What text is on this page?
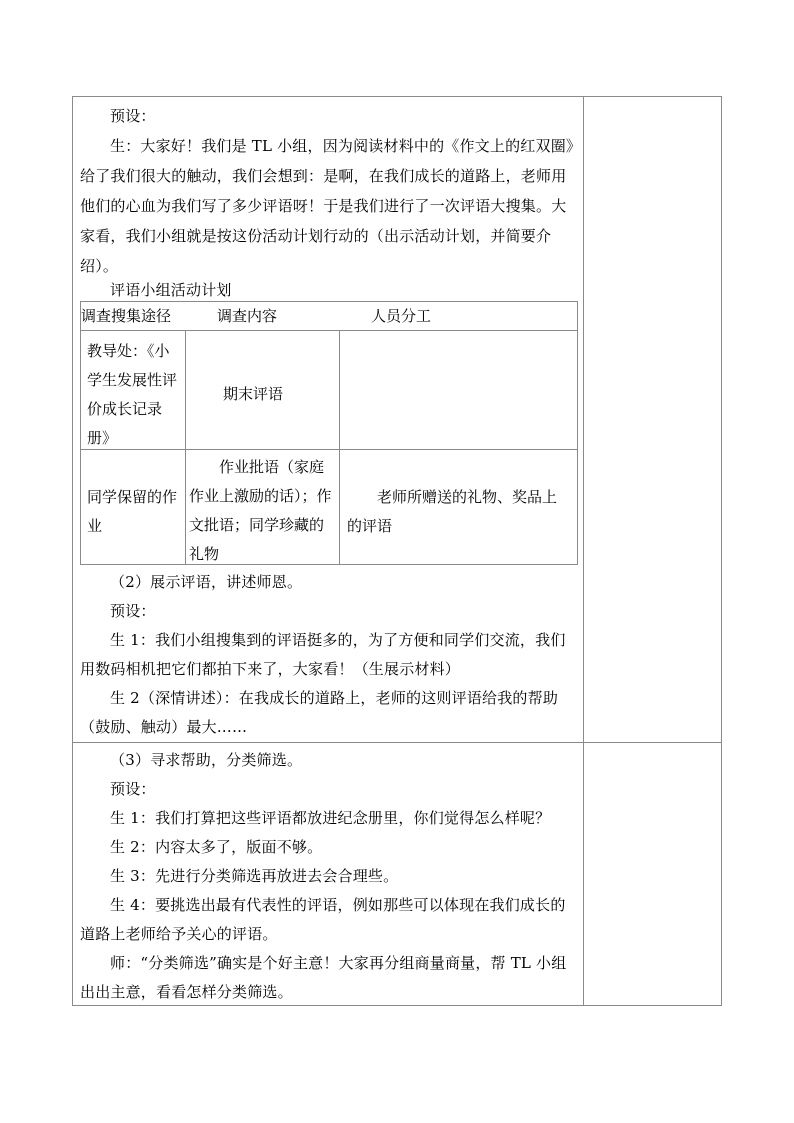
预设：

生：大家好！我们是 TL 小组，因为阅读材料中的《作文上的红双圈》给了我们很大的触动，我们会想到：是啊，在我们成长的道路上，老师用他们的心血为我们写了多少评语呀！于是我们进行了一次评语大搜集。大家看，我们小组就是按这份活动计划行动的（出示活动计划，并简要介绍）。

评语小组活动计划

调查搜集途径	调查内容	人员分工
教导处：《小学生发展性评价成长记录册》
期末评语
同学保留的作业
作业批语（家庭作业上激励的话）；作文批语；同学珍藏的礼物
老师所赠送的礼物、奖品上的评语

（2）展示评语，讲述师恩。

预设：

生 1：我们小组搜集到的评语挺多的，为了方便和同学们交流，我们用数码相机把它们都拍下来了，大家看！（生展示材料）

生 2（深情讲述）：在我成长的道路上，老师的这则评语给我的帮助（鼓励、触动）最大……

（3）寻求帮助，分类筛选。

预设：

生 1：我们打算把这些评语都放进纪念册里，你们觉得怎么样呢？

生 2：内容太多了，版面不够。

生 3：先进行分类筛选再放进去会合理些。

生 4：要挑选出最有代表性的评语，例如那些可以体现在我们成长的道路上老师给予关心的评语。

师：“分类筛选”确实是个好主意！大家再分组商量商量，帮 TL 小组出出主意，看看怎样分类筛选。
